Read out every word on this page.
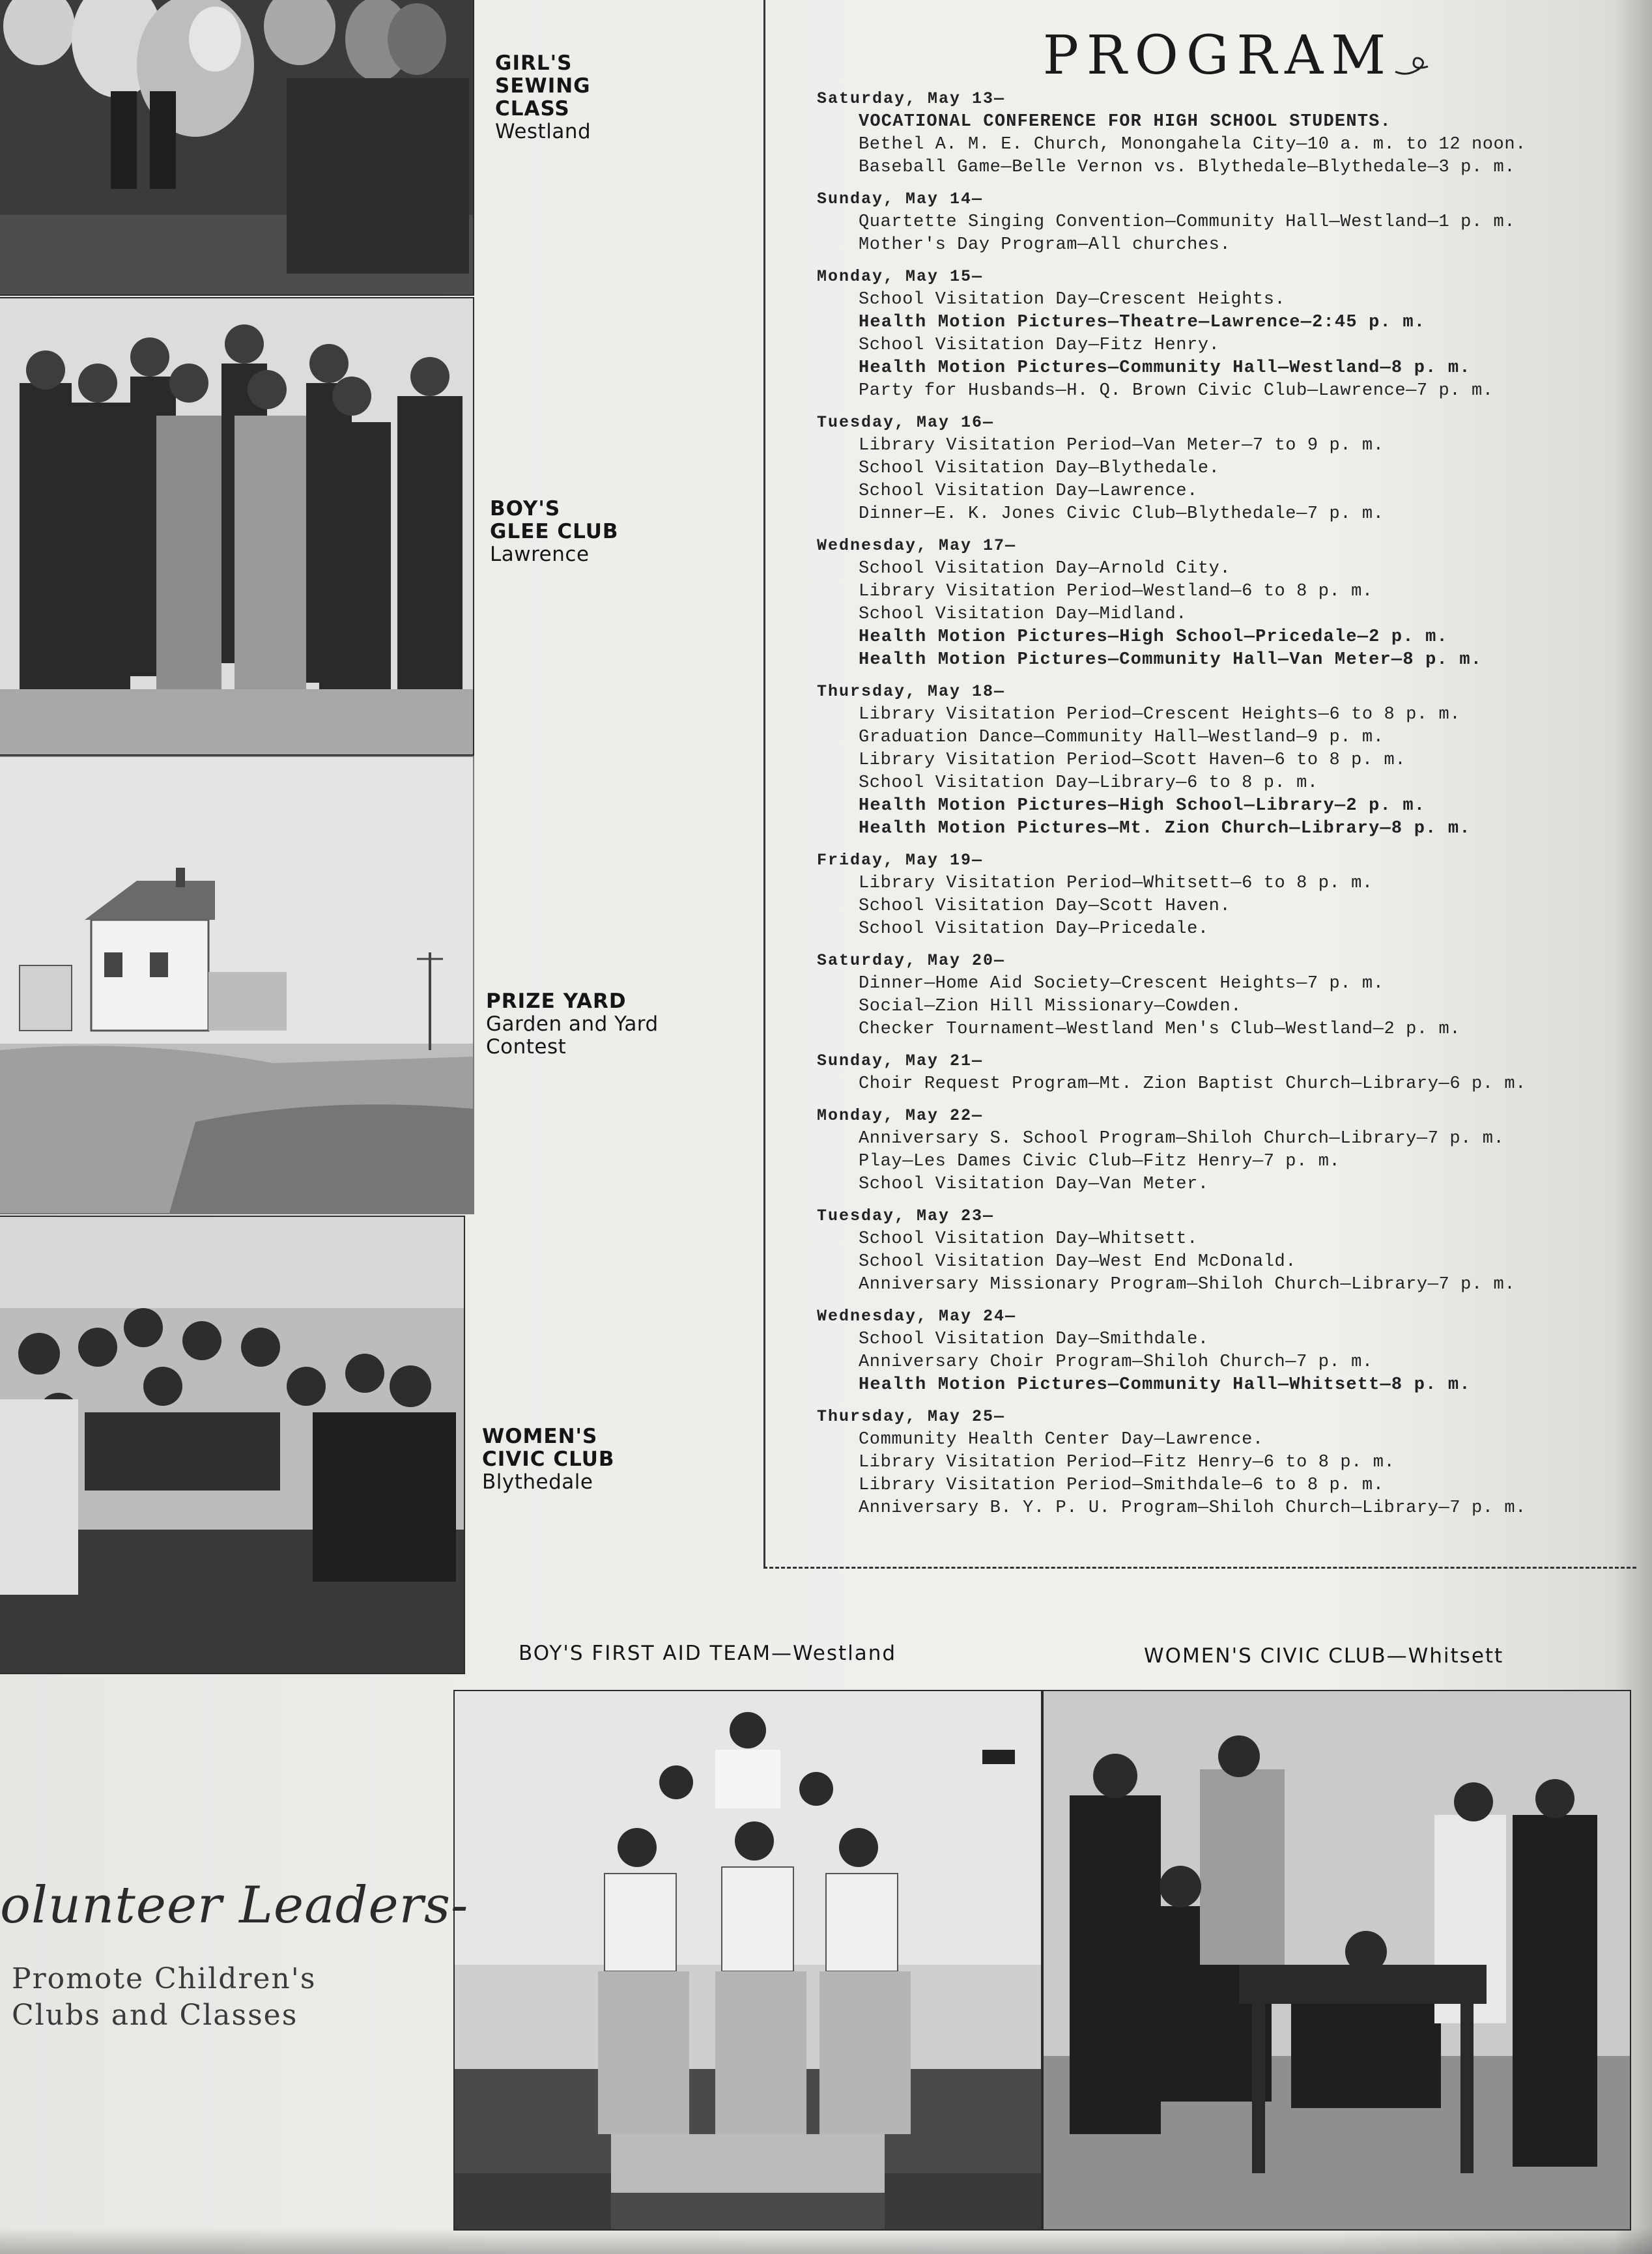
GIRL'S
SEWING
CLASS
Westland
BOY'S
GLEE CLUB
Lawrence
PRIZE YARD
Garden and Yard
Contest
WOMEN'S
CIVIC CLUB
Blythedale
PROGRAM
Saturday, May 13—
VOCATIONAL CONFERENCE FOR HIGH SCHOOL STUDENTS.
Bethel A. M. E. Church, Monongahela City—10 a. m. to 12 noon.
Baseball Game—Belle Vernon vs. Blythedale—Blythedale—3 p. m.
Sunday, May 14—
Quartette Singing Convention—Community Hall—Westland—1 p. m.
Mother's Day Program—All churches.
Monday, May 15—
School Visitation Day—Crescent Heights.
Health Motion Pictures—Theatre—Lawrence—2:45 p. m.
School Visitation Day—Fitz Henry.
Health Motion Pictures—Community Hall—Westland—8 p. m.
Party for Husbands—H. Q. Brown Civic Club—Lawrence—7 p. m.
Tuesday, May 16—
Library Visitation Period—Van Meter—7 to 9 p. m.
School Visitation Day—Blythedale.
School Visitation Day—Lawrence.
Dinner—E. K. Jones Civic Club—Blythedale—7 p. m.
Wednesday, May 17—
School Visitation Day—Arnold City.
Library Visitation Period—Westland—6 to 8 p. m.
School Visitation Day—Midland.
Health Motion Pictures—High School—Pricedale—2 p. m.
Health Motion Pictures—Community Hall—Van Meter—8 p. m.
Thursday, May 18—
Library Visitation Period—Crescent Heights—6 to 8 p. m.
Graduation Dance—Community Hall—Westland—9 p. m.
Library Visitation Period—Scott Haven—6 to 8 p. m.
School Visitation Day—Library—6 to 8 p. m.
Health Motion Pictures—High School—Library—2 p. m.
Health Motion Pictures—Mt. Zion Church—Library—8 p. m.
Friday, May 19—
Library Visitation Period—Whitsett—6 to 8 p. m.
School Visitation Day—Scott Haven.
School Visitation Day—Pricedale.
Saturday, May 20—
Dinner—Home Aid Society—Crescent Heights—7 p. m.
Social—Zion Hill Missionary—Cowden.
Checker Tournament—Westland Men's Club—Westland—2 p. m.
Sunday, May 21—
Choir Request Program—Mt. Zion Baptist Church—Library—6 p. m.
Monday, May 22—
Anniversary S. School Program—Shiloh Church—Library—7 p. m.
Play—Les Dames Civic Club—Fitz Henry—7 p. m.
School Visitation Day—Van Meter.
Tuesday, May 23—
School Visitation Day—Whitsett.
School Visitation Day—West End McDonald.
Anniversary Missionary Program—Shiloh Church—Library—7 p. m.
Wednesday, May 24—
School Visitation Day—Smithdale.
Anniversary Choir Program—Shiloh Church—7 p. m.
Health Motion Pictures—Community Hall—Whitsett—8 p. m.
Thursday, May 25—
Community Health Center Day—Lawrence.
Library Visitation Period—Fitz Henry—6 to 8 p. m.
Library Visitation Period—Smithdale—6 to 8 p. m.
Anniversary B. Y. P. U. Program—Shiloh Church—Library—7 p. m.
BOY'S FIRST AID TEAM—Westland	WOMEN'S CIVIC CLUB—Whitsett
olunteer Leaders-
Promote Children's
Clubs and Classes
